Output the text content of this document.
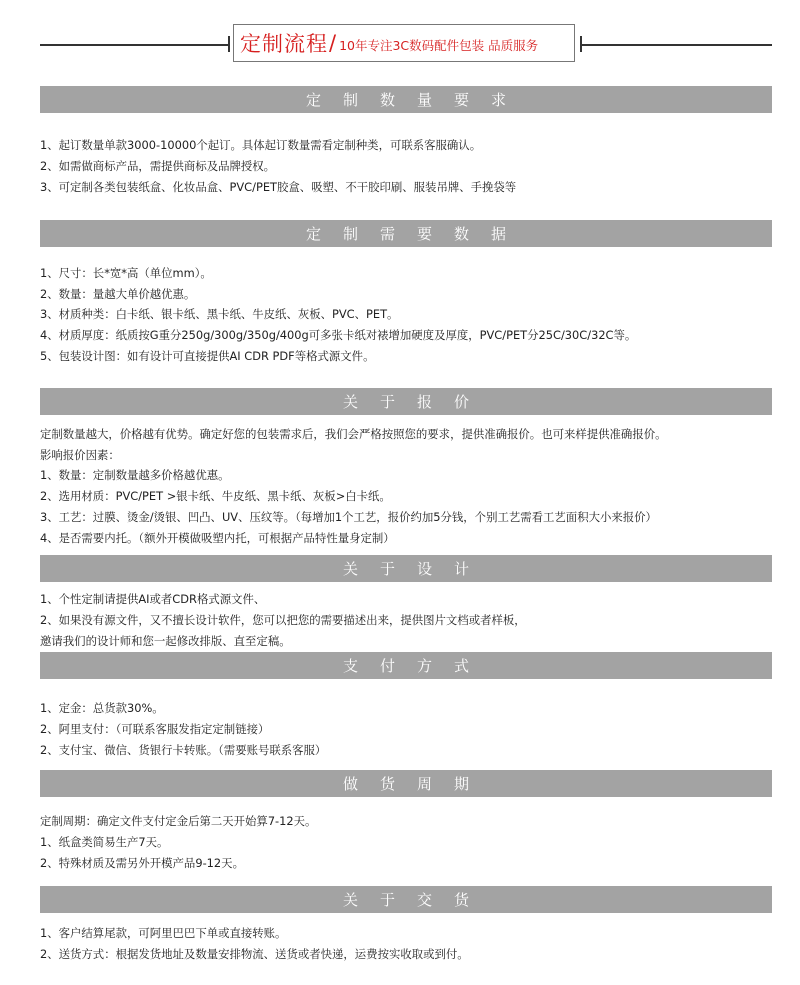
定制流程 / 10年专注3C数码配件包装 品质服务
定制数量要求
1、起订数量单款3000-10000个起订。具体起订数量需看定制种类，可联系客服确认。
2、如需做商标产品，需提供商标及品牌授权。
3、可定制各类包装纸盒、化妆品盒、PVC/PET胶盒、吸塑、不干胶印刷、服装吊牌、手挽袋等
定制需要数据
1、尺寸：长*宽*高（单位mm）。
2、数量：量越大单价越优惠。
3、材质种类：白卡纸、银卡纸、黑卡纸、牛皮纸、灰板、PVC、PET。
4、材质厚度：纸质按G重分250g/300g/350g/400g可多张卡纸对裱增加硬度及厚度，PVC/PET分25C/30C/32C等。
5、包装设计图：如有设计可直接提供AI CDR PDF等格式源文件。
关于报价
定制数量越大，价格越有优势。确定好您的包装需求后，我们会严格按照您的要求，提供准确报价。也可来样提供准确报价。
影响报价因素：
1、数量：定制数量越多价格越优惠。
2、选用材质：PVC/PET >银卡纸、牛皮纸、黑卡纸、灰板>白卡纸。
3、工艺：过膜、烫金/烫银、凹凸、UV、压纹等。（每增加1个工艺，报价约加5分钱，个别工艺需看工艺面积大小来报价）
4、是否需要内托。（额外开模做吸塑内托，可根据产品特性量身定制）
关于设计
1、个性定制请提供AI或者CDR格式源文件、
2、如果没有源文件，又不擅长设计软件，您可以把您的需要描述出来，提供图片文档或者样板，
邀请我们的设计师和您一起修改排版、直至定稿。
支付方式
1、定金：总货款30%。
2、阿里支付：（可联系客服发指定定制链接）
2、支付宝、微信、货银行卡转账。（需要账号联系客服）
做货周期
定制周期：确定文件支付定金后第二天开始算7-12天。
1、纸盒类简易生产7天。
2、特殊材质及需另外开模产品9-12天。
关于交货
1、客户结算尾款，可阿里巴巴下单或直接转账。
2、送货方式：根据发货地址及数量安排物流、送货或者快递，运费按实收取或到付。
